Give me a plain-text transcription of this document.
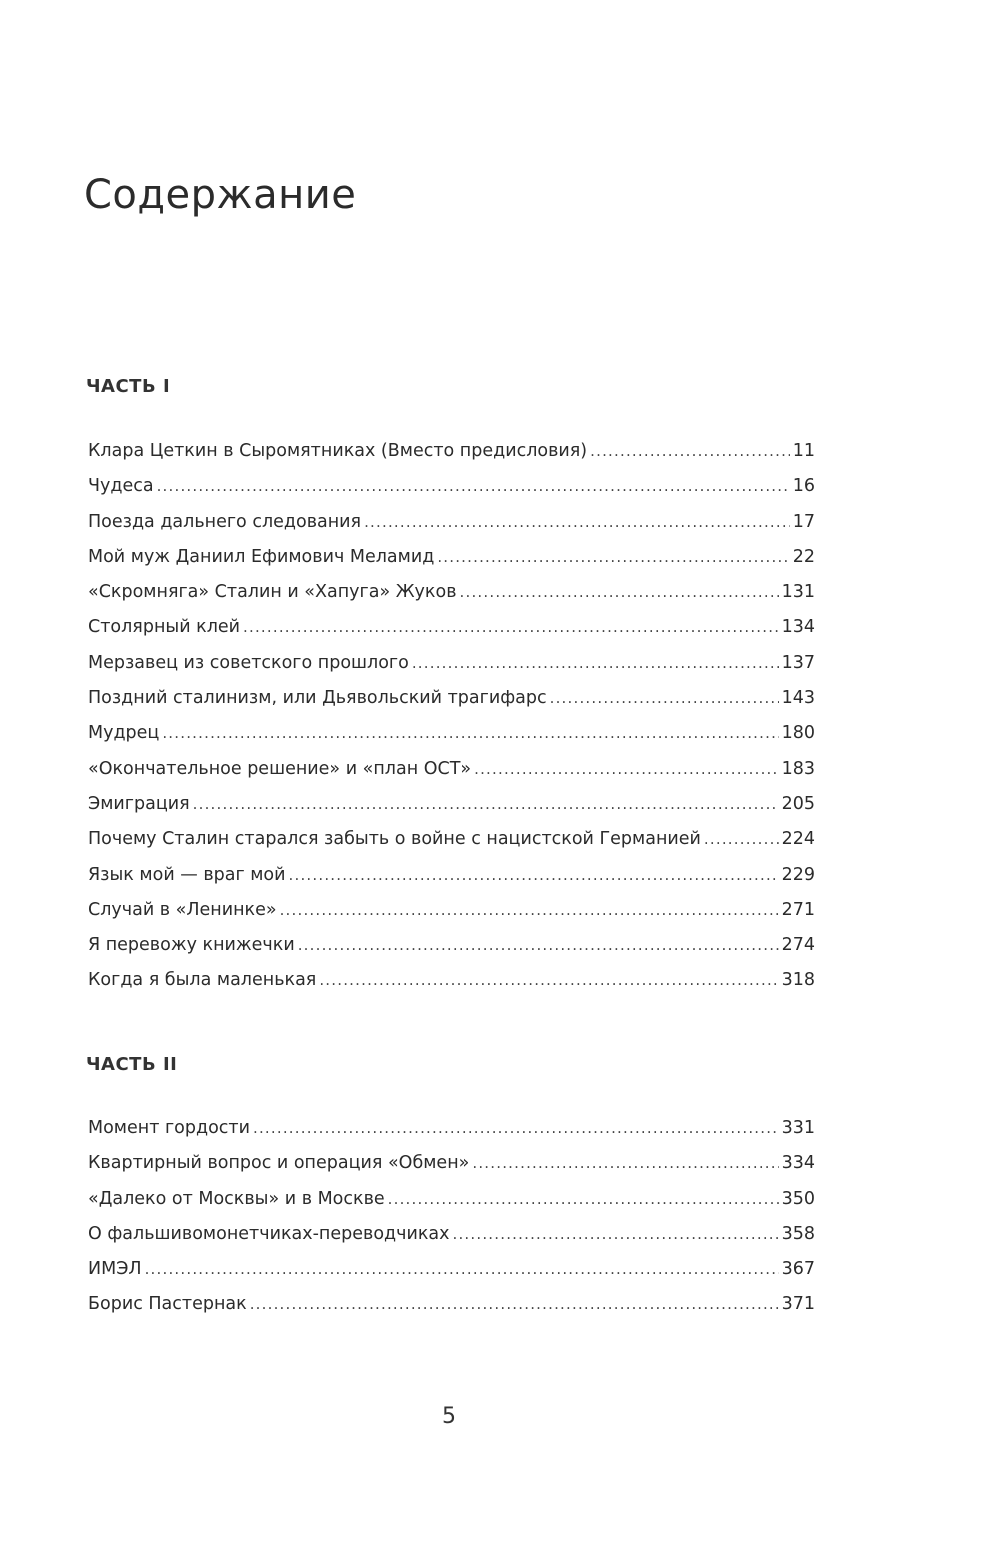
Содержание
ЧАСТЬ I
Клара Цеткин в Сыромятниках (Вместо предисловия) .....	11
Чудеса .....	16
Поезда дальнего следования .....	17
Мой муж Даниил Ефимович Меламид .....	22
«Скромняга» Сталин и «Хапуга» Жуков .....	131
Столярный клей .....	134
Мерзавец из советского прошлого .....	137
Поздний сталинизм, или Дьявольский трагифарс .....	143
Мудрец .....	180
«Окончательное решение» и «план ОСТ» .....	183
Эмиграция .....	205
Почему Сталин старался забыть о войне с нацистской Германией .....	224
Язык мой — враг мой .....	229
Случай в «Ленинке» .....	271
Я перевожу книжечки .....	274
Когда я была маленькая .....	318
ЧАСТЬ II
Момент гордости .....	331
Квартирный вопрос и операция «Обмен» .....	334
«Далеко от Москвы» и в Москве .....	350
О фальшивомонетчиках-переводчиках .....	358
ИМЭЛ .....	367
Борис Пастернак .....	371
5
